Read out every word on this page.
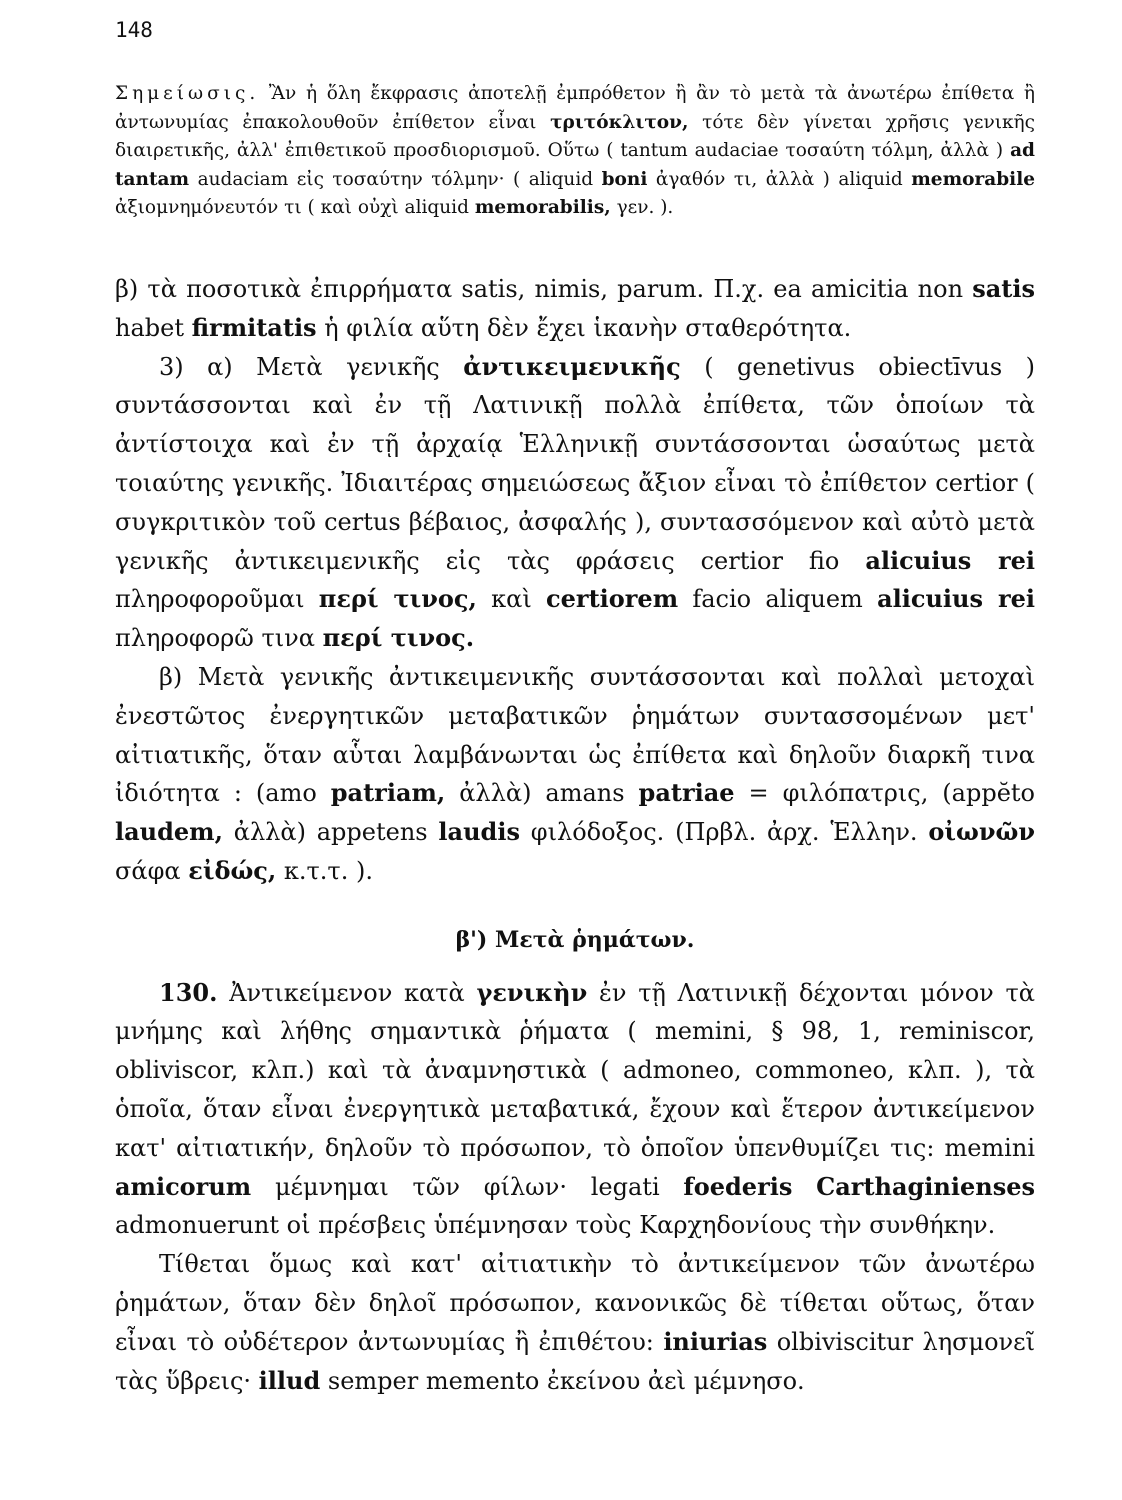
148

Σημείωσις. Ἂν ἡ ὅλη ἔκφρασις ἀποτελῇ ἐμπρόθετον ἢ ἂν τὸ μετὰ τὰ ἀνωτέρω ἐπίθετα ἢ ἀντωνυμίας ἐπακολουθοῦν ἐπίθετον εἶναι τριτόκλιτον, τότε δὲν γίνεται χρῆσις γενικῆς διαιρετικῆς, ἀλλ' ἐπιθετικοῦ προσδιορισμοῦ. Οὕτω ( tantum audaciae τοσαύτη τόλμη, ἀλλὰ ) ad tantam audaciam εἰς τοσαύτην τόλμην· ( aliquid boni ἀγαθόν τι, ἀλλὰ ) aliquid memorabile ἀξιομνημόνευτόν τι ( καὶ οὐχὶ aliquid memorabilis, γεν. ).

β) τὰ ποσοτικὰ ἐπιρρήματα satis, nimis, parum. Π.χ. ea amicitia non satis habet firmitatis ἡ φιλία αὕτη δὲν ἔχει ἱκανὴν σταθερότητα.

3) α) Μετὰ γενικῆς ἀντικειμενικῆς ( genetivus obiectīvus ) συντάσσονται καὶ ἐν τῇ Λατινικῇ πολλὰ ἐπίθετα, τῶν ὁποίων τὰ ἀντίστοιχα καὶ ἐν τῇ ἀρχαίᾳ Ἑλληνικῇ συντάσσονται ὡσαύτως μετὰ τοιαύτης γενικῆς. Ἰδιαιτέρας σημειώσεως ἄξιον εἶναι τὸ ἐπίθετον certior ( συγκριτικὸν τοῦ certus βέβαιος, ἀσφαλής ), συντασσόμενον καὶ αὐτὸ μετὰ γενικῆς ἀντικειμενικῆς εἰς τὰς φράσεις certior fio alicuius rei πληροφοροῦμαι περί τινος, καὶ certiorem facio aliquem alicuius rei πληροφορῶ τινα περί τινος.

β) Μετὰ γενικῆς ἀντικειμενικῆς συντάσσονται καὶ πολλαὶ μετοχαὶ ἐνεστῶτος ἐνεργητικῶν μεταβατικῶν ῥημάτων συντασσομένων μετ' αἰτιατικῆς, ὅταν αὗται λαμβάνωνται ὡς ἐπίθετα καὶ δηλοῦν διαρκῆ τινα ἰδιότητα : (amo patriam, ἀλλὰ) amans patriae = φιλόπατρις, (appĕto laudem, ἀλλὰ) appetens laudis φιλόδοξος. (Πρβλ. ἀρχ. Ἑλλην. οἰωνῶν σάφα εἰδώς, κ.τ.τ. ).

β') Μετὰ ῥημάτων.

130. Ἀντικείμενον κατὰ γενικὴν ἐν τῇ Λατινικῇ δέχονται μόνον τὰ μνήμης καὶ λήθης σημαντικὰ ῥήματα ( memini, § 98, 1, reminiscor, obliviscor, κλπ.) καὶ τὰ ἀναμνηστικὰ ( admoneo, commoneo, κλπ. ), τὰ ὁποῖα, ὅταν εἶναι ἐνεργητικὰ μεταβατικά, ἔχουν καὶ ἕτερον ἀντικείμενον κατ' αἰτιατικήν, δηλοῦν τὸ πρόσωπον, τὸ ὁποῖον ὑπενθυμίζει τις: memini amicorum μέμνημαι τῶν φίλων· legati foederis Carthaginienses admonuerunt οἱ πρέσβεις ὑπέμνησαν τοὺς Καρχηδονίους τὴν συνθήκην.

Τίθεται ὅμως καὶ κατ' αἰτιατικὴν τὸ ἀντικείμενον τῶν ἀνωτέρω ῥημάτων, ὅταν δὲν δηλοῖ πρόσωπον, κανονικῶς δὲ τίθεται οὕτως, ὅταν εἶναι τὸ οὐδέτερον ἀντωνυμίας ἢ ἐπιθέτου: iniurias olbiviscitur λησμονεῖ τὰς ὕβρεις· illud semper memento ἐκείνου ἀεὶ μέμνησο.
